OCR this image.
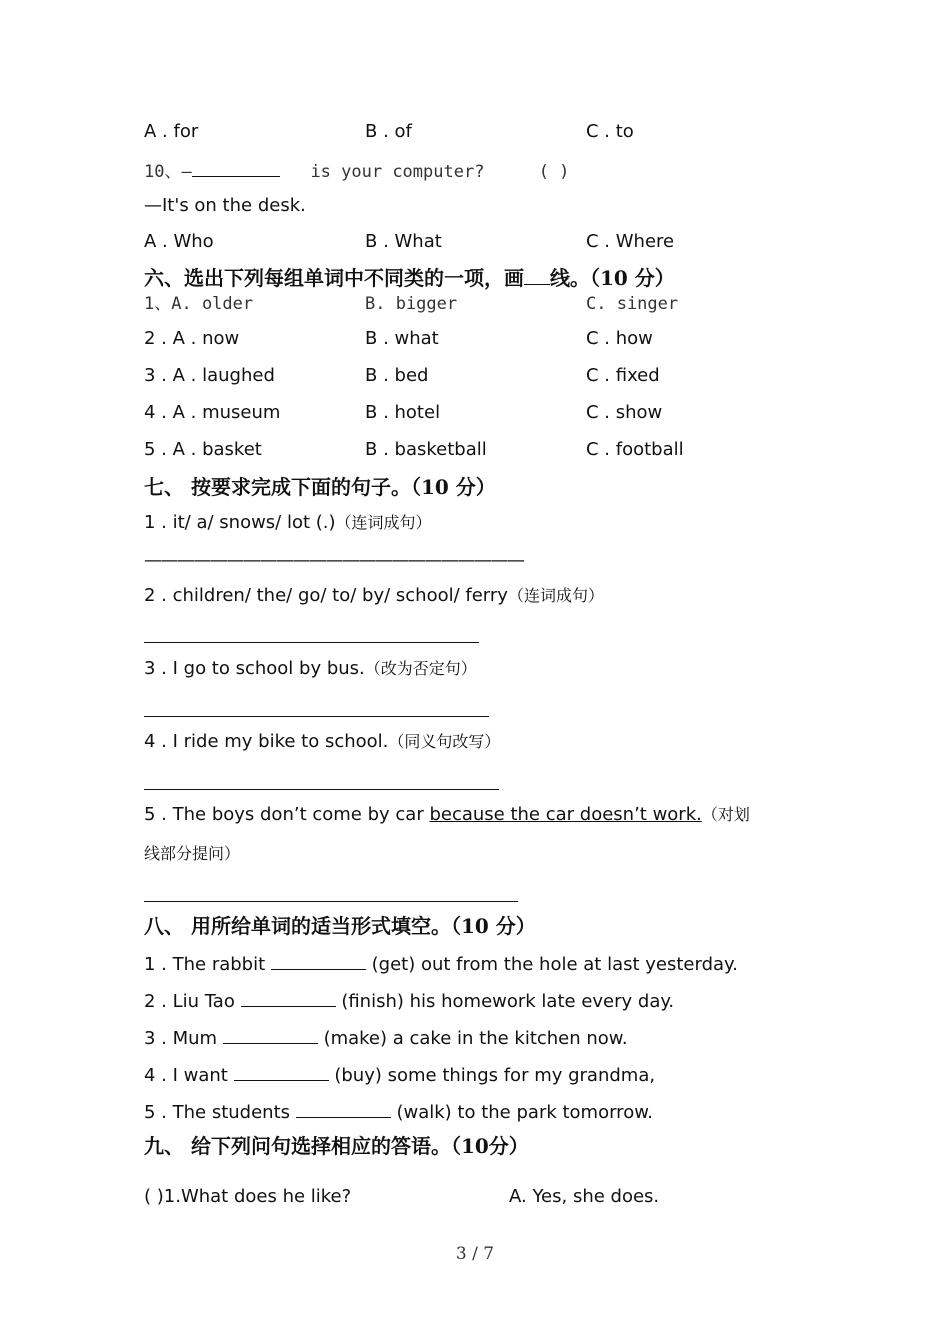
A . for	B . of	C . to
10、—	is your computer?	( )
—It's on the desk.
A . Who	B . What	C . Where
六、选出下列每组单词中不同类的一项，画 线。（10 分）
1、A. older	B. bigger	C. singer
2 . A . now	B . what	C . how
3 . A . laughed	B . bed	C . fixed
4 . A . museum	B . hotel	C . show
5 . A . basket	B . basketball	C . football
七、 按要求完成下面的句子。（10 分）
1 . it/ a/ snows/ lot (.)（连词成句）
———————————————————————
2 . children/ the/ go/ to/ by/ school/ ferry（连词成句）
3 . I go to school by bus.（改为否定句）
4 . I ride my bike to school.（同义句改写）
5 . The boys don’t come by car because the car doesn’t work.（对划
线部分提问）
八、 用所给单词的适当形式填空。（10 分）
1 . The rabbit	(get) out from the hole at last yesterday.
2 . Liu Tao	(finish) his homework late every day.
3 . Mum	(make) a cake in the kitchen now.
4 . I want	(buy) some things for my grandma,
5 . The students	(walk) to the park tomorrow.
九、 给下列问句选择相应的答语。（10分）
( )1.What does he like?	A. Yes, she does.
3 / 7
